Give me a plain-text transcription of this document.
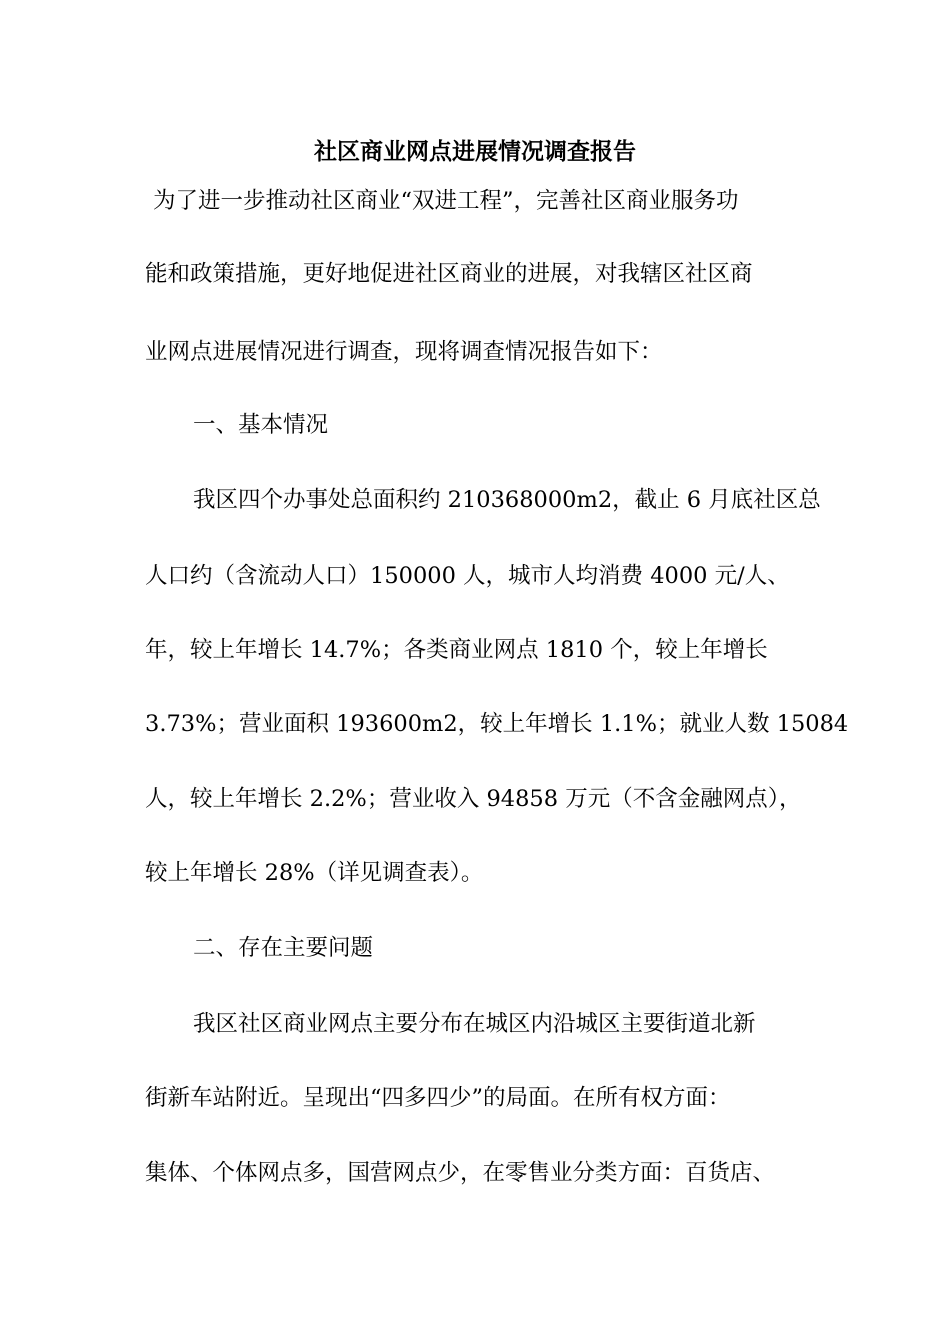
社区商业网点进展情况调查报告

为了进一步推动社区商业“双进工程”，完善社区商业服务功

能和政策措施，更好地促进社区商业的进展，对我辖区社区商

业网点进展情况进行调查，现将调查情况报告如下：

一、基本情况

我区四个办事处总面积约 210368000m2，截止 6 月底社区总

人口约（含流动人口）150000 人，城市人均消费 4000 元/人、

年，较上年增长 14.7%；各类商业网点 1810 个，较上年增长

3.73%；营业面积 193600m2，较上年增长 1.1%；就业人数 15084

人，较上年增长 2.2%；营业收入 94858 万元（不含金融网点），

较上年增长 28%（详见调查表）。

二、存在主要问题

我区社区商业网点主要分布在城区内沿城区主要街道北新

街新车站附近。呈现出“四多四少”的局面。在所有权方面：

集体、个体网点多，国营网点少，在零售业分类方面：百货店、
